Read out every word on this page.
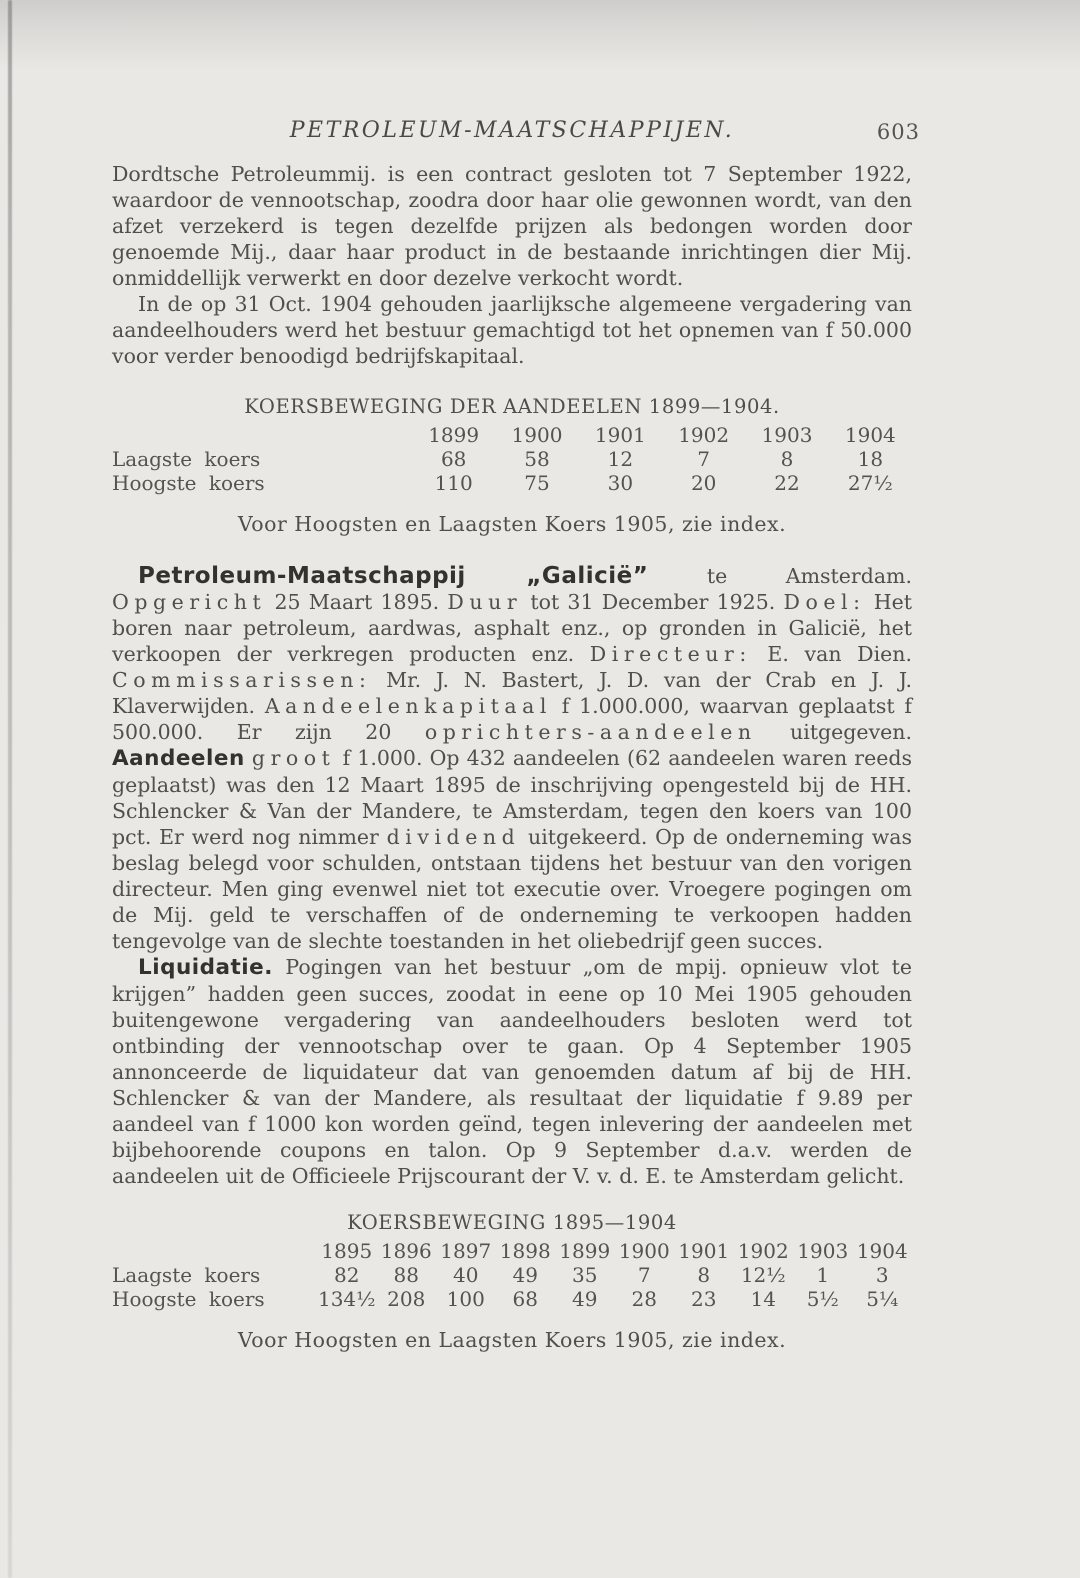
PETROLEUM-MAATSCHAPPIJEN.	603

Dordtsche Petroleummij. is een contract gesloten tot 7 September 1922, waardoor de vennootschap, zoodra door haar olie gewonnen wordt, van den afzet verzekerd is tegen dezelfde prijzen als bedongen worden door genoemde Mij., daar haar product in de bestaande inrichtingen dier Mij. onmiddellijk verwerkt en door dezelve verkocht wordt.

In de op 31 Oct. 1904 gehouden jaarlijksche algemeene vergadering van aandeelhouders werd het bestuur gemachtigd tot het opnemen van f 50.000 voor verder benoodigd bedrijfskapitaal.

KOERSBEWEGING DER AANDEELEN 1899—1904.
1899	1900	1901	1902	1903	1904
Laagste koers	68	58	12	7	8	18
Hoogste koers	110	75	30	20	22	27½
Voor Hoogsten en Laagsten Koers 1905, zie index.

Petroleum-Maatschappij „Galicië” te Amsterdam. Opgericht 25 Maart 1895. Duur tot 31 December 1925. Doel: Het boren naar petroleum, aardwas, asphalt enz., op gronden in Galicië, het verkoopen der verkregen producten enz. Directeur: E. van Dien. Commissarissen: Mr. J. N. Bastert, J. D. van der Crab en J. J. Klaverwijden. Aandeelenkapitaal f 1.000.000, waarvan geplaatst f 500.000. Er zijn 20 oprichters-aandeelen uitgegeven. Aandeelen groot f 1.000. Op 432 aandeelen (62 aandeelen waren reeds geplaatst) was den 12 Maart 1895 de inschrijving opengesteld bij de HH. Schlencker & Van der Mandere, te Amsterdam, tegen den koers van 100 pct. Er werd nog nimmer dividend uitgekeerd. Op de onderneming was beslag belegd voor schulden, ontstaan tijdens het bestuur van den vorigen directeur. Men ging evenwel niet tot executie over. Vroegere pogingen om de Mij. geld te verschaffen of de onderneming te verkoopen hadden tengevolge van de slechte toestanden in het oliebedrijf geen succes.

Liquidatie. Pogingen van het bestuur „om de mpij. opnieuw vlot te krijgen” hadden geen succes, zoodat in eene op 10 Mei 1905 gehouden buitengewone vergadering van aandeelhouders besloten werd tot ontbinding der vennootschap over te gaan. Op 4 September 1905 annonceerde de liquidateur dat van genoemden datum af bij de HH. Schlencker & van der Mandere, als resultaat der liquidatie f 9.89 per aandeel van f 1000 kon worden geïnd, tegen inlevering der aandeelen met bijbehoorende coupons en talon. Op 9 September d.a.v. werden de aandeelen uit de Officieele Prijscourant der V. v. d. E. te Amsterdam gelicht.

KOERSBEWEGING 1895—1904
1895 1896 1897 1898 1899 1900 1901 1902 1903 1904
Laagste koers	82	88	40	49	35	7	8	12½	1	3
Hoogste koers	134½ 208	100	68	49	28	23	14	5½	5¼
Voor Hoogsten en Laagsten Koers 1905, zie index.
